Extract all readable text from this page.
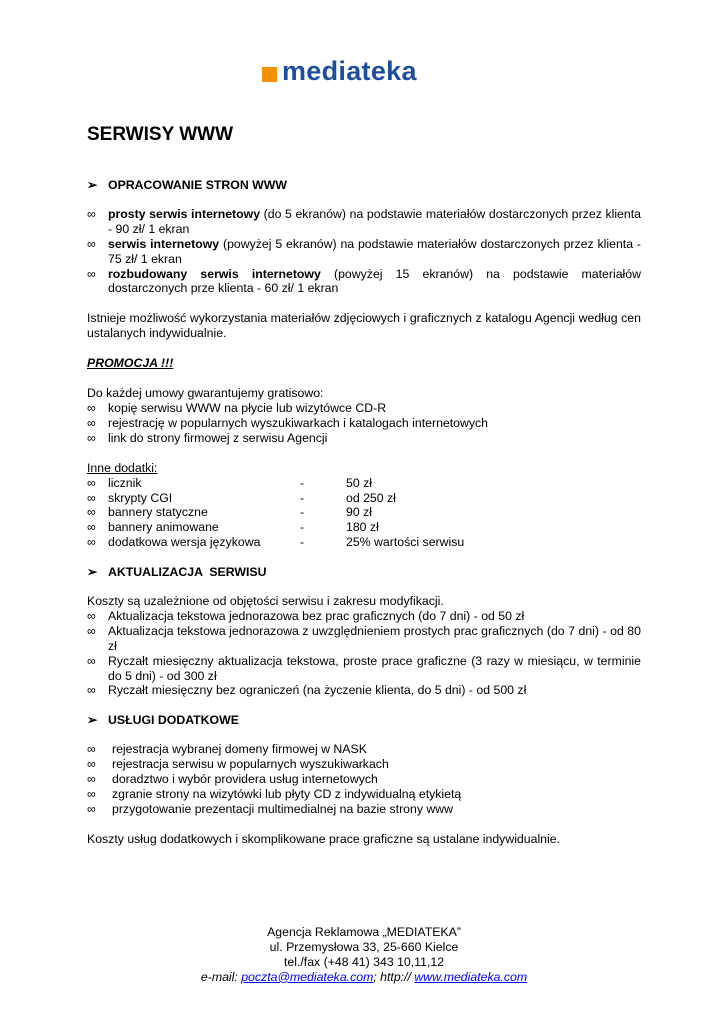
mediateka
SERWISY WWW
➢ OPRACOWANIE STRON WWW
∞ prosty serwis internetowy (do 5 ekranów) na podstawie materiałów dostarczonych przez klienta - 90 zł/ 1 ekran
∞ serwis internetowy (powyżej 5 ekranów) na podstawie materiałów dostarczonych przez klienta - 75 zł/ 1 ekran
∞ rozbudowany serwis internetowy (powyżej 15 ekranów) na podstawie materiałów dostarczonych prze klienta - 60 zł/ 1 ekran

Istnieje możliwość wykorzystania materiałów zdjęciowych i graficznych z katalogu Agencji według cen ustalanych indywidualnie.

PROMOCJA !!!

Do każdej umowy gwarantujemy gratisowo:

∞ kopię serwisu WWW na płycie lub wizytówce CD-R
∞ rejestrację w popularnych wyszukiwarkach i katalogach internetowych
∞ link do strony firmowej z serwisu Agencji

Inne dodatki:

∞ licznik	-	50 zł
∞ skrypty CGI	-	od 250 zł
∞ bannery statyczne	-	90 zł
∞ bannery animowane	-	180 zł
∞ dodatkowa wersja językowa	-	25% wartości serwisu
➢ AKTUALIZACJA  SERWISU

Koszty są uzależnione od objętości serwisu i zakresu modyfikacji.

∞ Aktualizacja tekstowa jednorazowa bez prac graficznych (do 7 dni) - od 50 zł
∞ Aktualizacja tekstowa jednorazowa z uwzględnieniem prostych prac graficznych (do 7 dni) - od 80 zł
∞ Ryczałt miesięczny aktualizacja tekstowa, proste prace graficzne (3 razy w miesiącu, w terminie do 5 dni) - od 300 zł
∞ Ryczałt miesięczny bez ograniczeń (na życzenie klienta, do 5 dni) - od 500 zł
➢ USŁUGI DODATKOWE
∞	rejestracja wybranej domeny firmowej w NASK
∞	rejestracja serwisu w popularnych wyszukiwarkach
∞	doradztwo i wybór providera usług internetowych
∞	zgranie strony na wizytówki lub płyty CD z indywidualną etykietą
∞	przygotowanie prezentacji multimedialnej na bazie strony www

Koszty usług dodatkowych i skomplikowane prace graficzne są ustalane indywidualnie.

Agencja Reklamowa „MEDIATEKA”
ul. Przemysłowa 33, 25-660 Kielce
tel./fax (+48 41) 343 10,11,12
e-mail: poczta@mediateka.com; http:// www.mediateka.com
